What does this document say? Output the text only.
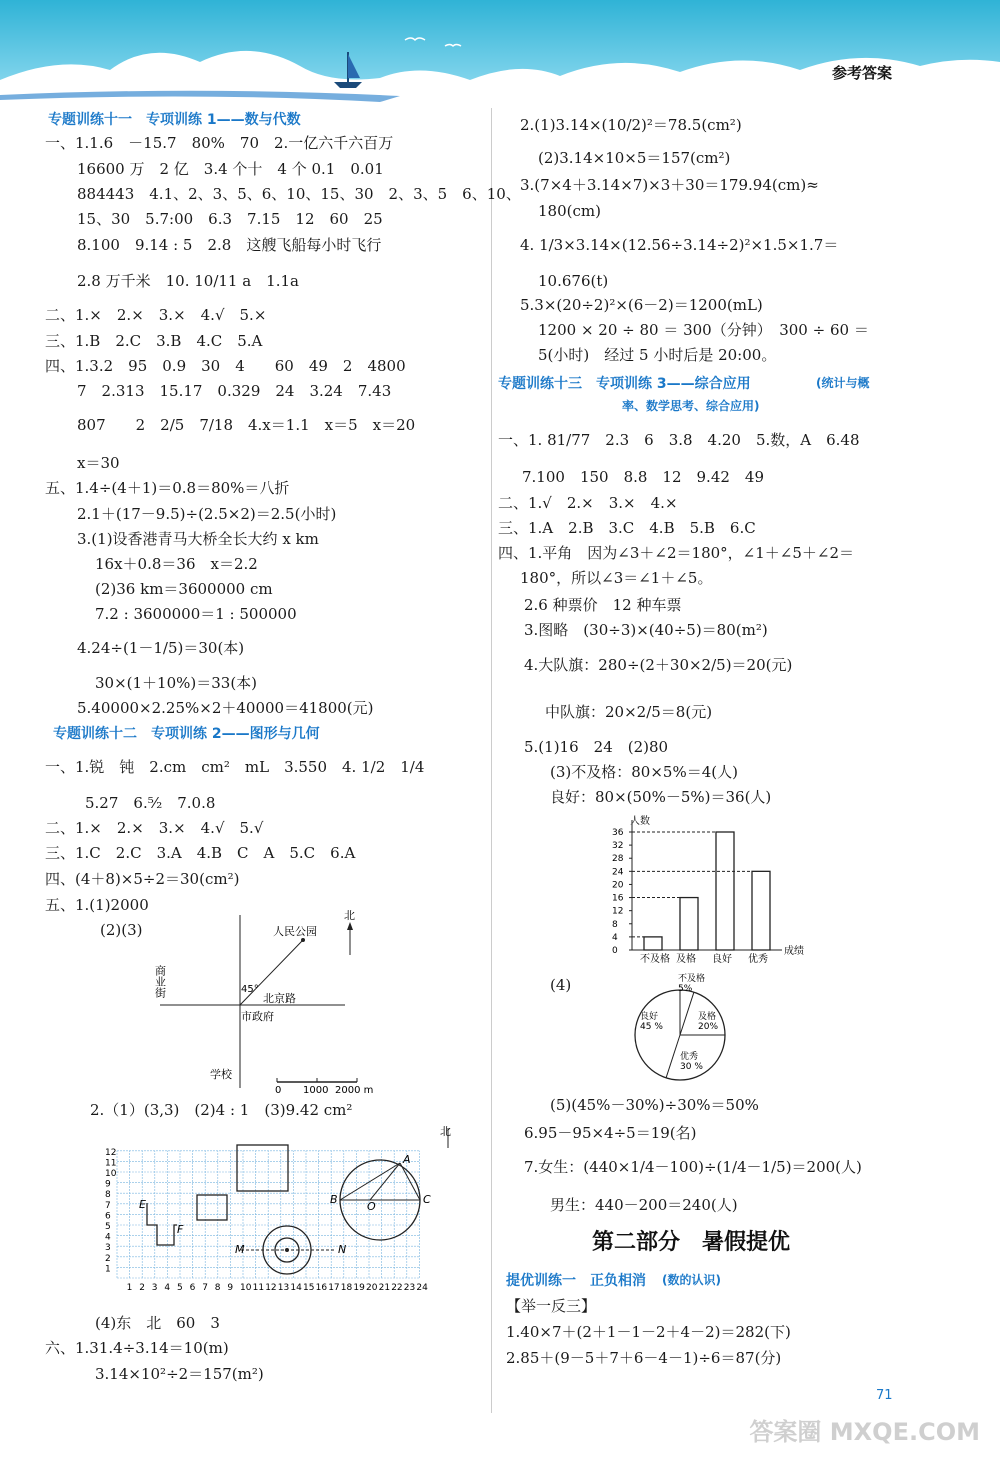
参考答案
专题训练十一　专项训练 1——数与代数
一、1.1.6　－15.7　80%　70　2.一亿六千六百万
16600 万　2 亿　3.4 个十　4 个 0.1　0.01
884443　4.1、2、3、5、6、10、15、30　2、3、5　6、10、
15、30　5.7:00　6.3　7.15　12　60　25
8.100　9.14 : 5　2.8　这艘飞船每小时飞行
2.8 万千米　10. 10/11 a　1.1a
二、1.×　2.×　3.×　4.√　5.×
三、1.B　2.C　3.B　4.C　5.A
四、1.3.2　95　0.9　30　4　　60　49　2　4800
7　2.313　15.17　0.329　24　3.24　7.43
807　　2　2/5　7/18　4.x＝1.1　x＝5　x＝20
x＝30
五、1.4÷(4＋1)＝0.8＝80%＝八折
2.1＋(17－9.5)÷(2.5×2)＝2.5(小时)
3.(1)设香港青马大桥全长大约 x km
16x＋0.8＝36　x＝2.2
(2)36 km＝3600000 cm
7.2 : 3600000＝1 : 500000
4.24÷(1－1/5)＝30(本)
30×(1＋10%)＝33(本)
5.40000×2.25%×2＋40000＝41800(元)
专题训练十二　专项训练 2——图形与几何
一、1.锐　钝　2.cm　cm²　mL　3.550　4. 1/2　1/4
5.27　6.⁵⁄₂　7.0.8
二、1.×　2.×　3.×　4.√　5.√
三、1.C　2.C　3.A　4.B　C　A　5.C　6.A
四、(4＋8)×5÷2＝30(cm²)
五、1.(1)2000
(2)(3)
商业街
人民公园
北
45°
北京路
市政府
学校
0 1000 2000 m
2.（1）(3,3)　(2)4 : 1　(3)9.42 cm²
1 2 3 4 5 6 7 8 9 10 11 12 13 14 15 16 17 18 19 20 21 22 23 24
1
2
3
4
5
6
7
8
9
10
11
12
北
E
F
M	N
A
B
O
C
(4)东　北　60　3
六、1.31.4÷3.14＝10(m)
3.14×10²÷2＝157(m²)
2.(1)3.14×(10/2)²＝78.5(cm²)
(2)3.14×10×5＝157(cm²)
3.(7×4＋3.14×7)×3＋30＝179.94(cm)≈
180(cm)
4. 1/3×3.14×(12.56÷3.14÷2)²×1.5×1.7＝
10.676(t)
5.3×(20÷2)²×(6－2)＝1200(mL)
1200 × 20 ÷ 80 ＝ 300（分钟）　300 ÷ 60 ＝
5(小时)　经过 5 小时后是 20:00。
专题训练十三　专项训练 3——综合应用	(统计与概
率、数学思考、综合应用)
一、1. 81/77　2.3　6　3.8　4.20　5.数，A　6.48
7.100　150　8.8　12　9.42　49
二、1.√　2.×　3.×　4.×
三、1.A　2.B　3.C　4.B　5.B　6.C
四、1.平角　因为∠3＋∠2＝180°，∠1＋∠5＋∠2＝
180°，所以∠3＝∠1＋∠5。
2.6 种票价　12 种车票
3.图略　(30÷3)×(40÷5)＝80(m²)
4.大队旗：280÷(2＋30×2/5)＝20(元)
中队旗：20×2/5＝8(元)
5.(1)16　24　(2)80
(3)不及格：80×5%＝4(人)
良好：80×(50%－5%)＝36(人)
人数
成绩
0
4
8
12
16
20
24
28
32
36
不及格 及格 良好 优秀
(4)	不及格
5%
及格
20%
优秀
30 %
良好
45 %
(5)(45%－30%)÷30%＝50%
6.95－95×4÷5＝19(名)
7.女生：(440×1/4－100)÷(1/4－1/5)＝200(人)
男生：440－200＝240(人)
第二部分　暑假提优
提优训练一　正负相消 (数的认识)
【举一反三】
1.40×7＋(2＋1－1－2＋4－2)＝282(下)
2.85＋(9－5＋7＋6－4－1)÷6＝87(分)
71
答案圈 MXQE.COM
